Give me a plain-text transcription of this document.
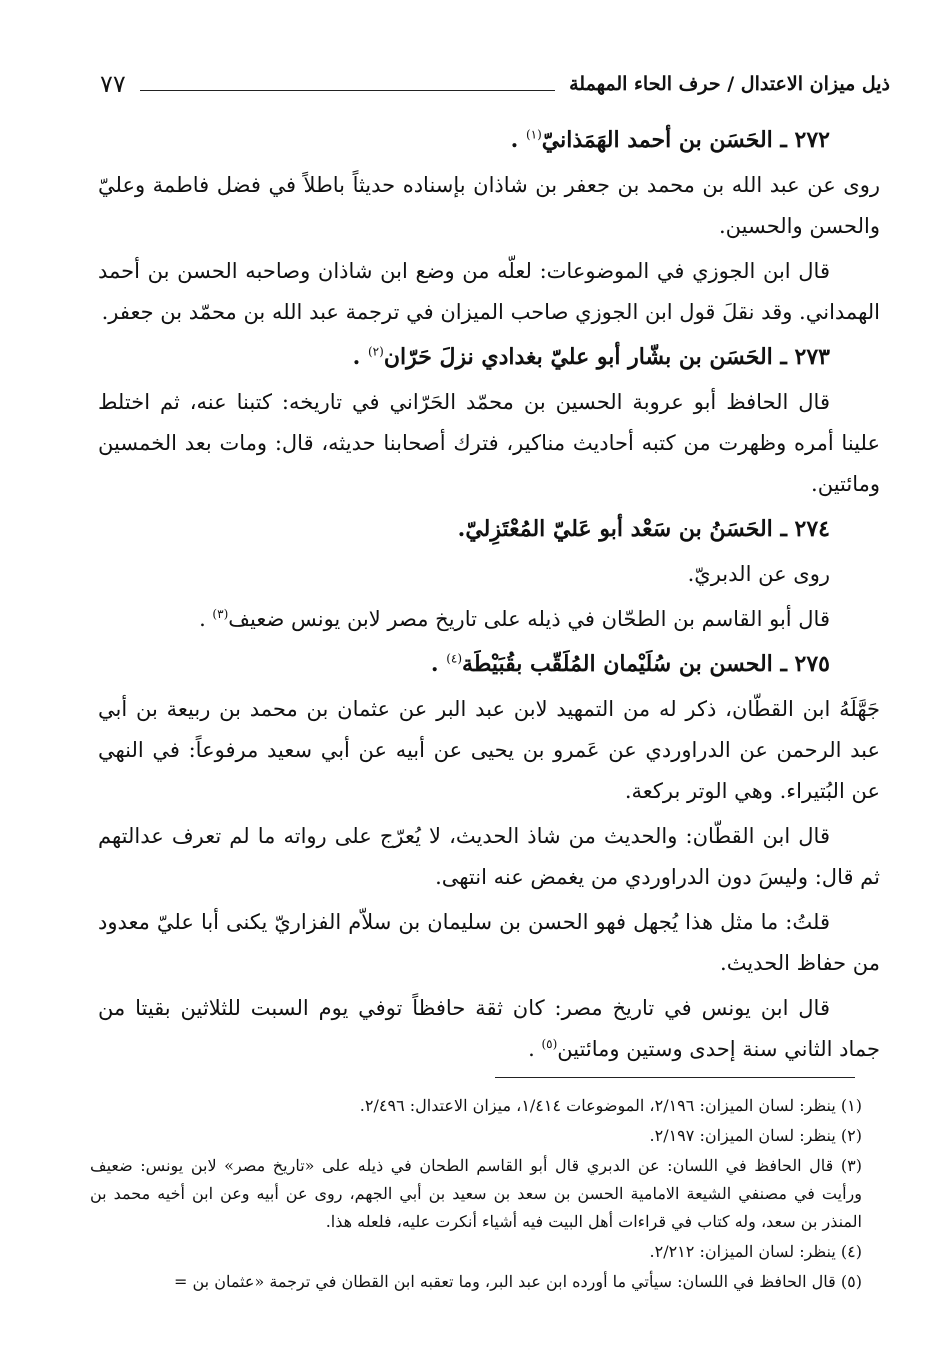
ذيل ميزان الاعتدال / حرف الحاء المهملة
٧٧

٢٧٢ ـ الحَسَن بن أحمد الهَمَذانيّ$^{(١)}$ .

روى عن عبد الله بن محمد بن جعفر بن شاذان بإسناده حديثاً باطلاً في فضل فاطمة وعليّ والحسن والحسين.

قال ابن الجوزي في الموضوعات: لعلّه من وضع ابن شاذان وصاحبه الحسن بن أحمد الهمداني. وقد نقلَ قول ابن الجوزي صاحب الميزان في ترجمة عبد الله بن محمّد بن جعفر.

٢٧٣ ـ الحَسَن بن بشّار أبو عليّ بغدادي نزلَ حَرّان$^{(٢)}$ .

قال الحافظ أبو عروبة الحسين بن محمّد الحَرّاني في تاريخه: كتبنا عنه، ثم اختلط علينا أمره وظهرت من كتبه أحاديث مناكير، فترك أصحابنا حديثه، قال: ومات بعد الخمسين ومائتين.

٢٧٤ ـ الحَسَنُ بن سَعْد أبو عَليّ المُعْتَزِليّ.

روى عن الدبريّ.

قال أبو القاسم بن الطحّان في ذيله على تاريخ مصر لابن يونس ضعيف$^{(٣)}$ .

٢٧٥ ـ الحسن بن سُلَيْمان المُلَقّب بقُبَيْطَة$^{(٤)}$ .

جَهَّلَهُ ابن القطّان، ذكر له من التمهيد لابن عبد البر عن عثمان بن محمد بن ربيعة بن أبي عبد الرحمن عن الدراوردي عن عَمرو بن يحيى عن أبيه عن أبي سعيد مرفوعاً: في النهي عن البُتيراء. وهي الوتر بركعة.

قال ابن القطّان: والحديث من شاذ الحديث، لا يُعرّج على رواته ما لم تعرف عدالتهم ثم قال: وليسَ دون الدراوردي من يغمض عنه انتهى.

قلتُ: ما مثل هذا يُجهل فهو الحسن بن سليمان بن سلاّم الفزاريّ يكنى أبا عليّ معدود من حفاظ الحديث.

قال ابن يونس في تاريخ مصر: كان ثقة حافظاً توفي يوم السبت للثلاثين بقيتا من جماد الثاني سنة إحدى وستين ومائتين$^{(٥)}$ .

(١) ينظر: لسان الميزان: ٢/١٩٦، الموضوعات ١/٤١٤، ميزان الاعتدال: ٢/٤٩٦.

(٢) ينظر: لسان الميزان: ٢/١٩٧.

(٣) قال الحافظ في اللسان: عن الدبري قال أبو القاسم الطحان في ذيله على «تاريخ مصر» لابن يونس: ضعيف ورأيت في مصنفي الشيعة الامامية الحسن بن سعد بن سعيد بن أبي الجهم، روى عن أبيه وعن ابن أخيه محمد بن المنذر بن سعد، وله كتاب في قراءات أهل البيت فيه أشياء أنكرت عليه، فلعله هذا.

(٤) ينظر: لسان الميزان: ٢/٢١٢.

(٥) قال الحافظ في اللسان: سيأتي ما أورده ابن عبد البر، وما تعقبه ابن القطان في ترجمة «عثمان بن =
